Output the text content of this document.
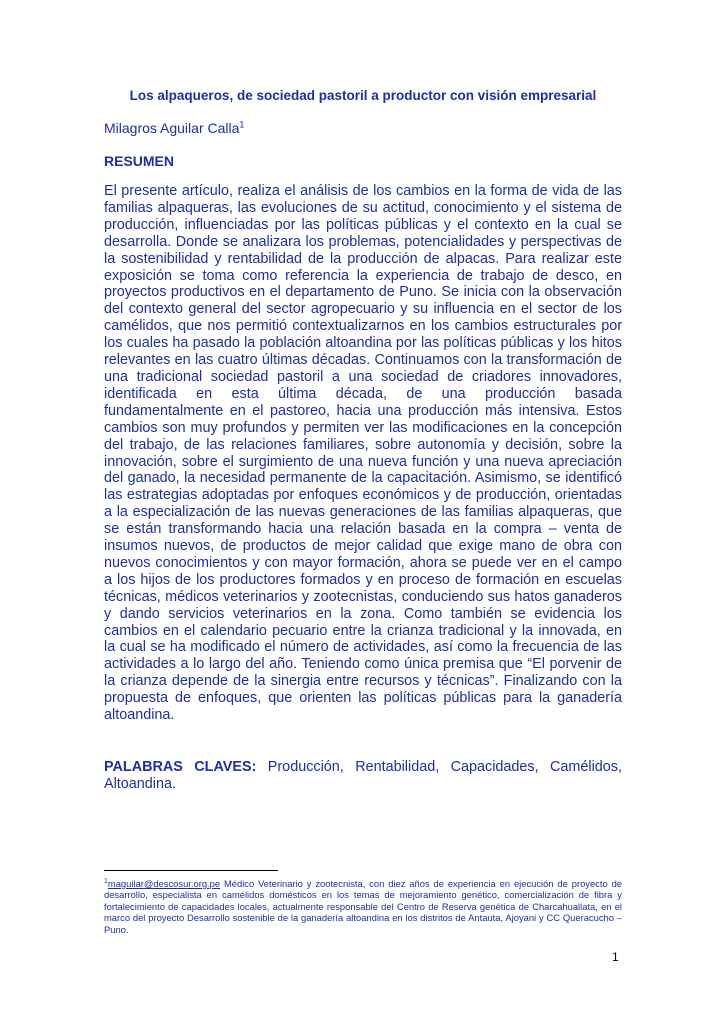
Los alpaqueros, de sociedad pastoril a productor con visión empresarial
Milagros Aguilar Calla$^1$
RESUMEN

El presente artículo, realiza el análisis de los cambios en la forma de vida de las familias alpaqueras, las evoluciones de su actitud, conocimiento y el sistema de producción, influenciadas por las políticas públicas y el contexto en la cual se desarrolla. Donde se analizara los problemas, potencialidades y perspectivas de la sostenibilidad y rentabilidad de la producción de alpacas. Para realizar este exposición se toma como referencia la experiencia de trabajo de desco, en proyectos productivos en el departamento de Puno. Se inicia con la observación del contexto general del sector agropecuario y su influencia en el sector de los camélidos, que nos permitió contextualizarnos en los cambios estructurales por los cuales ha pasado la población altoandina por las políticas públicas y los hitos relevantes en las cuatro últimas décadas. Continuamos con la transformación de una tradicional sociedad pastoril a una sociedad de criadores innovadores, identificada en esta última década, de una producción basada fundamentalmente en el pastoreo, hacia una producción más intensiva. Estos cambios son muy profundos y permiten ver las modificaciones en la concepción del trabajo, de las relaciones familiares, sobre autonomía y decisión, sobre la innovación, sobre el surgimiento de una nueva función y una nueva apreciación del ganado, la necesidad permanente de la capacitación. Asimismo, se identificó las estrategias adoptadas por enfoques económicos y de producción, orientadas a la especialización de las nuevas generaciones de las familias alpaqueras, que se están transformando hacia una relación basada en la compra – venta de insumos nuevos, de productos de mejor calidad que exige mano de obra con nuevos conocimientos y con mayor formación, ahora se puede ver en el campo a los hijos de los productores formados y en proceso de formación en escuelas técnicas, médicos veterinarios y zootecnistas, conduciendo sus hatos ganaderos y dando servicios veterinarios en la zona. Como también se evidencia los cambios en el calendario pecuario entre la crianza tradicional y la innovada, en la cual se ha modificado el número de actividades, así como la frecuencia de las actividades a lo largo del año. Teniendo como única premisa que “El porvenir de la crianza depende de la sinergia entre recursos y técnicas”. Finalizando con la propuesta de enfoques, que orienten las políticas públicas para la ganadería altoandina.

PALABRAS CLAVES: Producción, Rentabilidad, Capacidades, Camélidos, Altoandina.

$^1$maguilar@descosur.org.pe Médico Veterinario y zootecnista, con diez años de experiencia en ejecución de proyecto de desarrollo, especialista en camélidos domésticos en los temas de mejoramiento genético, comercialización de fibra y fortalecimiento de capacidades locales, actualmente responsable del Centro de Reserva genética de Charcahuallata, en el marco del proyecto Desarrollo sostenible de la ganadería altoandina en los distritos de Antauta, Ajoyani y CC Queracucho – Puno.

1
